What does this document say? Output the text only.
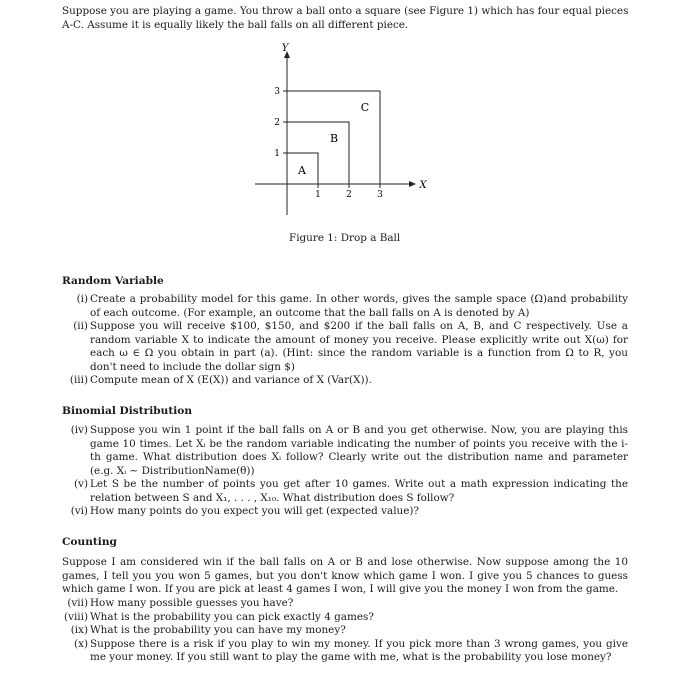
Suppose you are playing a game. You throw a ball onto a square (see Figure 1) which has four equal pieces A-C. Assume it is equally likely the ball falls on all different piece.
1	2	3
1
2
3
Y
X
A
B
C
Figure 1: Drop a Ball
Random Variable
(i) Create a probability model for this game. In other words, gives the sample space (Ω)and probability of each outcome. (For example, an outcome that the ball falls on A is denoted by A)
(ii) Suppose you will receive $100, $150, and $200 if the ball falls on A, B, and C respectively. Use a random variable X to indicate the amount of money you receive. Please explicitly write out X(ω) for each ω ∈ Ω you obtain in part (a). (Hint: since the random variable is a function from Ω to R, you don't need to include the dollar sign $)
(iii) Compute mean of X (E(X)) and variance of X (Var(X)).
Binomial Distribution
(iv) Suppose you win 1 point if the ball falls on A or B and you get otherwise. Now, you are playing this game 10 times. Let Xᵢ be the random variable indicating the number of points you receive with the i-th game. What distribution does Xᵢ follow? Clearly write out the distribution name and parameter (e.g. Xᵢ ∼ DistributionName(θ))
(v) Let S be the number of points you get after 10 games. Write out a math expression indicating the relation between S and X₁, . . . , X₁₀. What distribution does S follow?
(vi) How many points do you expect you will get (expected value)?
Counting
Suppose I am considered win if the ball falls on A or B and lose otherwise. Now suppose among the 10 games, I tell you you won 5 games, but you don't know which game I won. I give you 5 chances to guess which game I won. If you are pick at least 4 games I won, I will give you the money I won from the game.
(vii) How many possible guesses you have?
(viii) What is the probability you can pick exactly 4 games?
(ix) What is the probability you can have my money?
(x) Suppose there is a risk if you play to win my money. If you pick more than 3 wrong games, you give me your money. If you still want to play the game with me, what is the probability you lose money?
